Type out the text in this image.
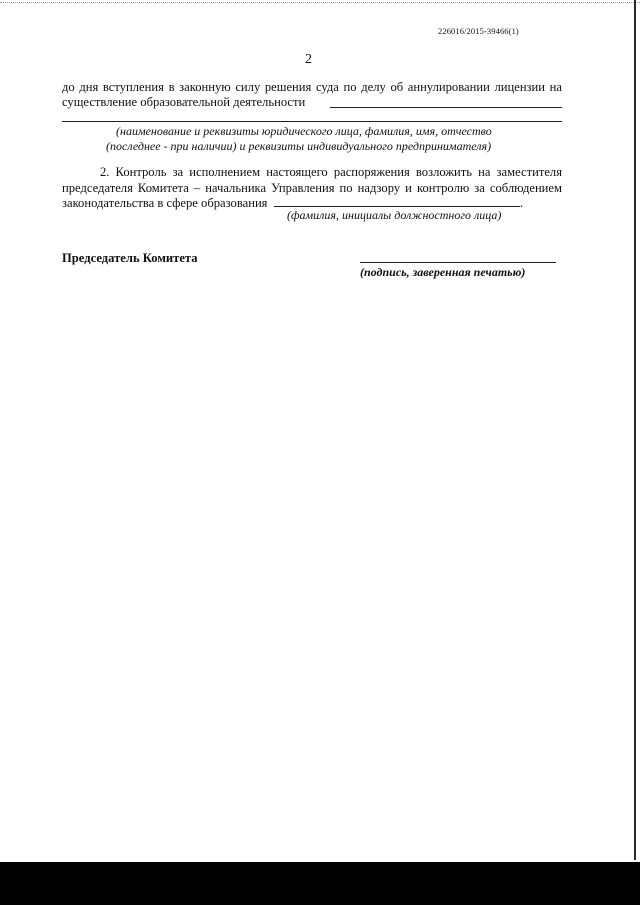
226016/2015-39466(1)
2
до дня вступления в законную силу решения суда по делу об аннулировании лицензии на
существление образовательной деятельности
(наименование и реквизиты юридического лица, фамилия, имя, отчество
(последнее - при наличии) и реквизиты индивидуального предпринимателя)
2. Контроль за исполнением настоящего распоряжения возложить на заместителя
председателя Комитета – начальника Управления по надзору и контролю за соблюдением
законодательства в сфере образования	.
(фамилия, инициалы должностного лица)
Председатель Комитета
(подпись, заверенная печатью)
